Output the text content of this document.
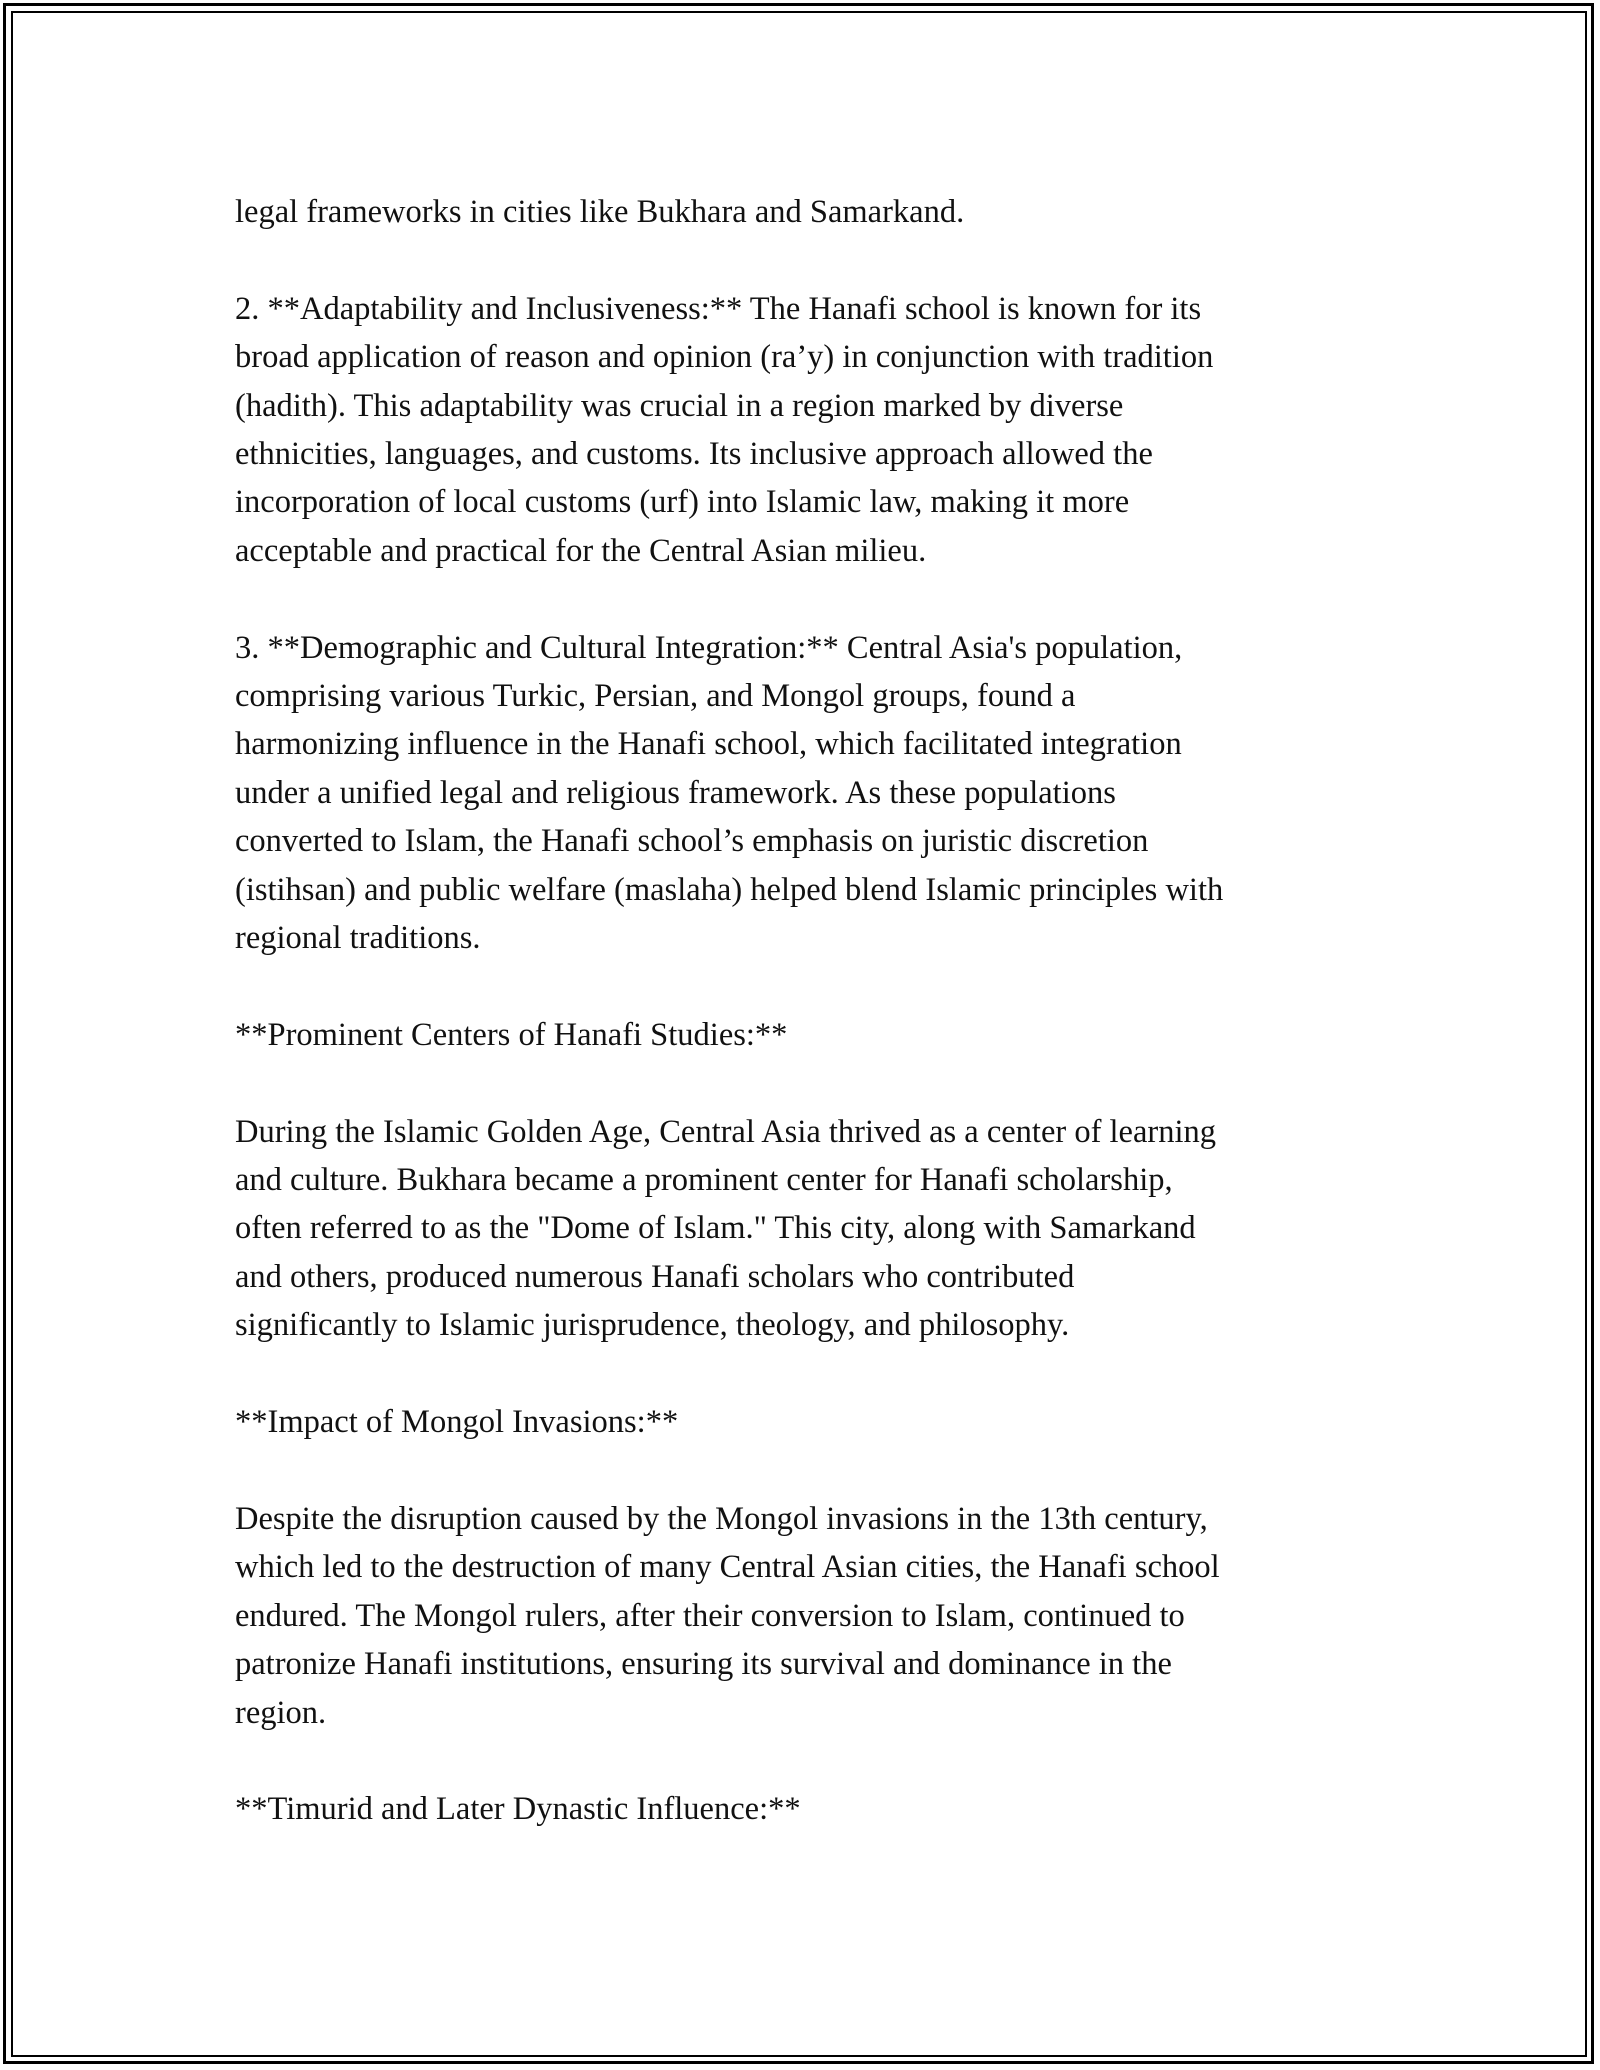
legal frameworks in cities like Bukhara and Samarkand.

2. **Adaptability and Inclusiveness:** The Hanafi school is known for its
broad application of reason and opinion (ra’y) in conjunction with tradition
(hadith). This adaptability was crucial in a region marked by diverse
ethnicities, languages, and customs. Its inclusive approach allowed the
incorporation of local customs (urf) into Islamic law, making it more
acceptable and practical for the Central Asian milieu.

3. **Demographic and Cultural Integration:** Central Asia's population,
comprising various Turkic, Persian, and Mongol groups, found a
harmonizing influence in the Hanafi school, which facilitated integration
under a unified legal and religious framework. As these populations
converted to Islam, the Hanafi school’s emphasis on juristic discretion
(istihsan) and public welfare (maslaha) helped blend Islamic principles with
regional traditions.

**Prominent Centers of Hanafi Studies:**

During the Islamic Golden Age, Central Asia thrived as a center of learning
and culture. Bukhara became a prominent center for Hanafi scholarship,
often referred to as the "Dome of Islam." This city, along with Samarkand
and others, produced numerous Hanafi scholars who contributed
significantly to Islamic jurisprudence, theology, and philosophy.

**Impact of Mongol Invasions:**

Despite the disruption caused by the Mongol invasions in the 13th century,
which led to the destruction of many Central Asian cities, the Hanafi school
endured. The Mongol rulers, after their conversion to Islam, continued to
patronize Hanafi institutions, ensuring its survival and dominance in the
region.

**Timurid and Later Dynastic Influence:**
